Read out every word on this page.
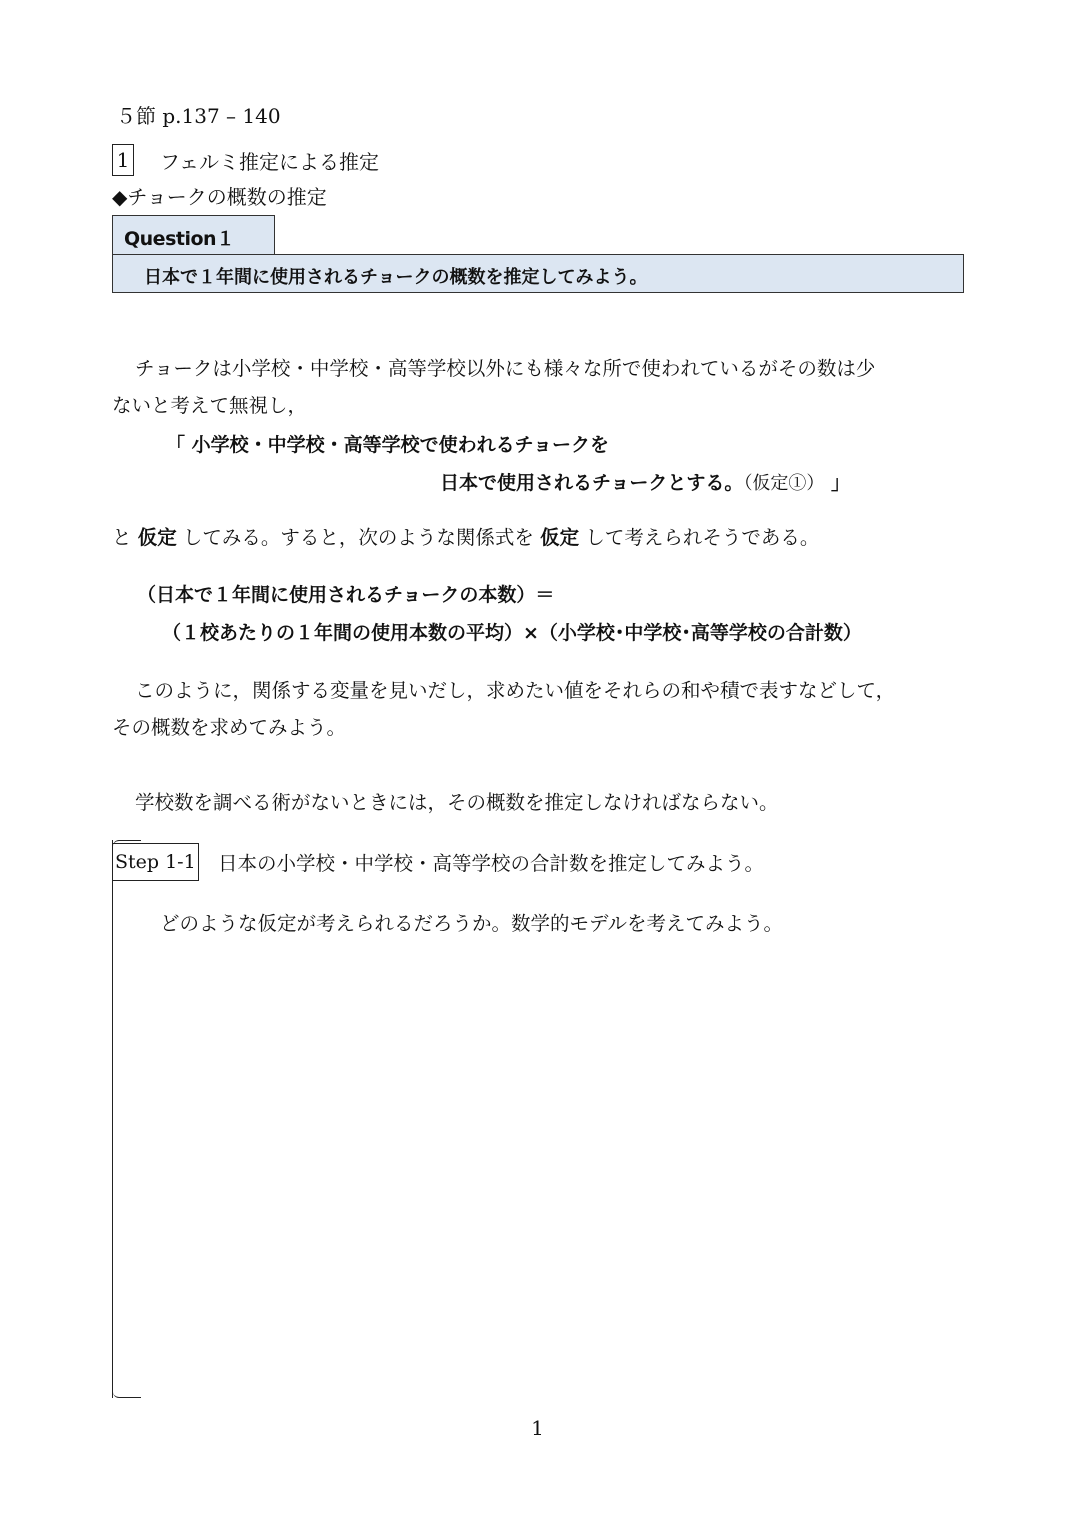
５節 p.137 – 140
1 フェルミ推定による推定
◆チョークの概数の推定
Question１
日本で１年間に使用されるチョークの概数を推定してみよう。
チョークは小学校・中学校・高等学校以外にも様々な所で使われているがその数は少
ないと考えて無視し，
「 小学校・中学校・高等学校で使われるチョークを
日本で使用されるチョークとする。（仮定①） 」
と 仮定 してみる。すると，次のような関係式を 仮定 して考えられそうである。
（日本で１年間に使用されるチョークの本数）＝
（１校あたりの１年間の使用本数の平均）×（小学校･中学校･高等学校の合計数）
このように，関係する変量を見いだし，求めたい値をそれらの和や積で表すなどして，
その概数を求めてみよう。
学校数を調べる術がないときには，その概数を推定しなければならない。
Step 1-1 日本の小学校・中学校・高等学校の合計数を推定してみよう。
どのような仮定が考えられるだろうか。数学的モデルを考えてみよう。
1
